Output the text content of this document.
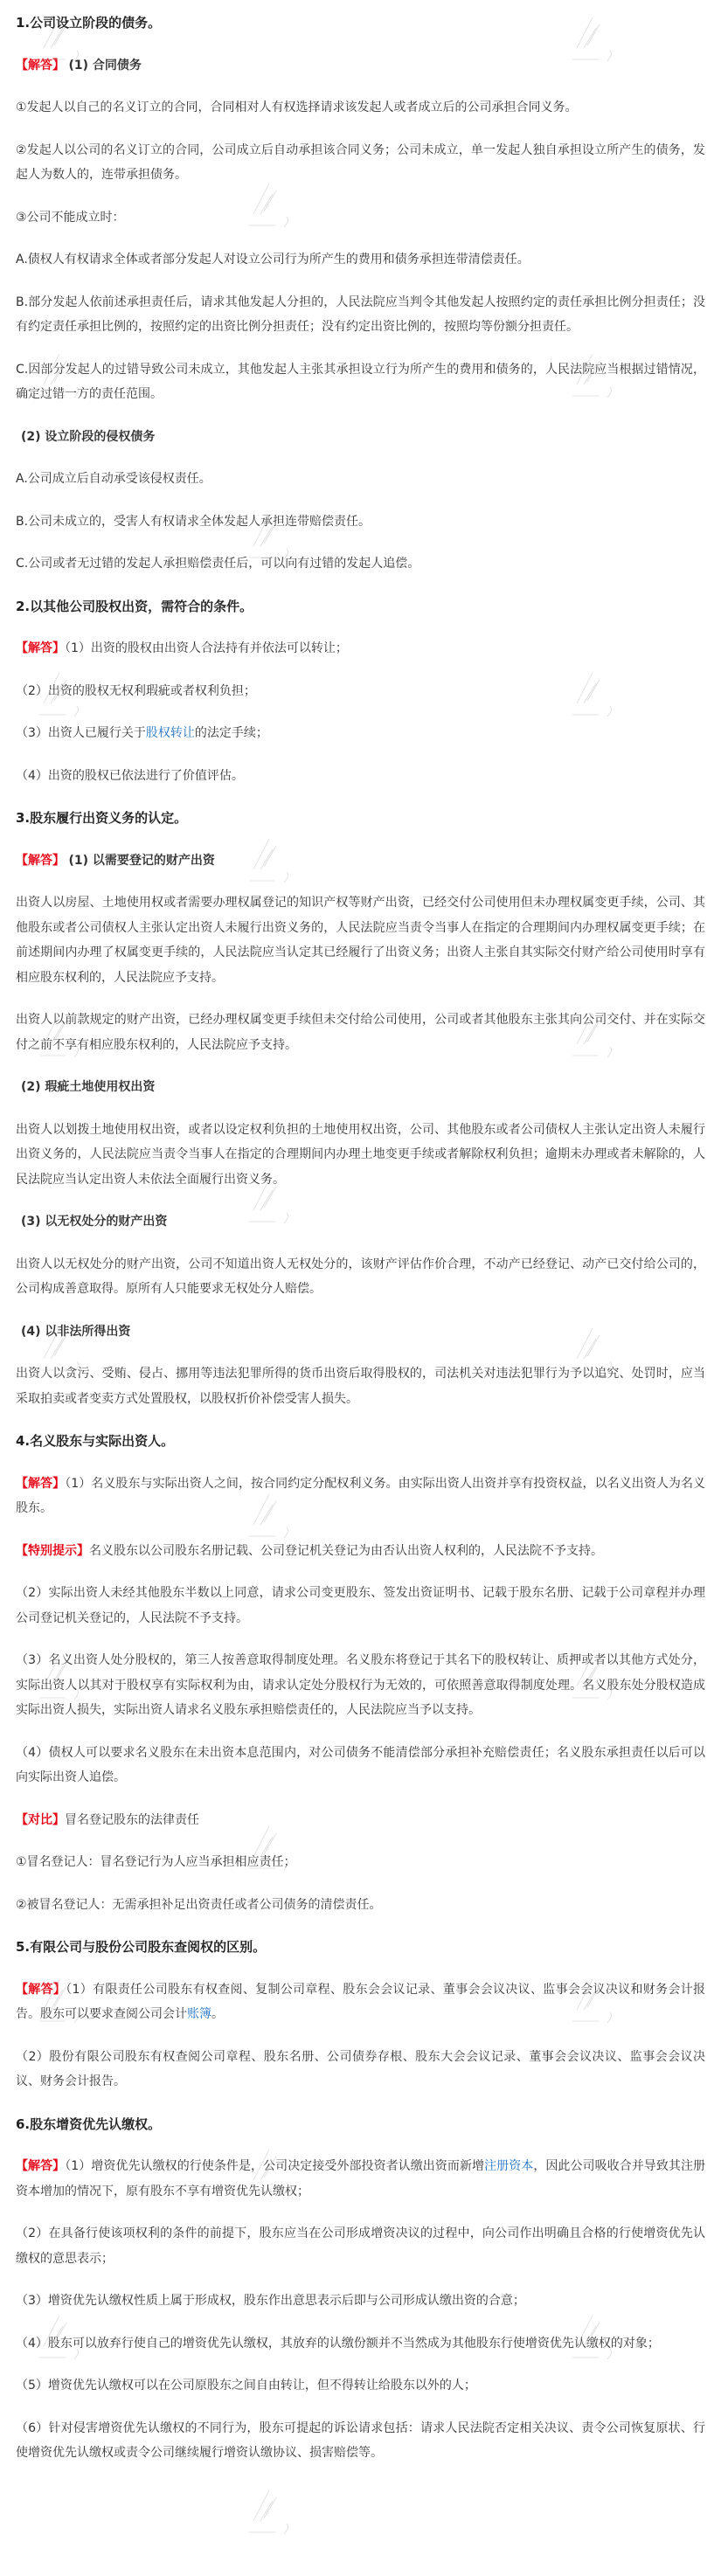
1.公司设立阶段的债务。
【解答】 (1) 合同债务
①发起人以自己的名义订立的合同，合同相对人有权选择请求该发起人或者成立后的公司承担合同义务。
②发起人以公司的名义订立的合同，公司成立后自动承担该合同义务；公司未成立，单一发起人独自承担设立所产生的债务，发起人为数人的，连带承担债务。
③公司不能成立时：
A.债权人有权请求全体或者部分发起人对设立公司行为所产生的费用和债务承担连带清偿责任。
B.部分发起人依前述承担责任后，请求其他发起人分担的，人民法院应当判令其他发起人按照约定的责任承担比例分担责任；没有约定责任承担比例的，按照约定的出资比例分担责任；没有约定出资比例的，按照均等份额分担责任。
C.因部分发起人的过错导致公司未成立，其他发起人主张其承担设立行为所产生的费用和债务的，人民法院应当根据过错情况，确定过错一方的责任范围。
(2) 设立阶段的侵权债务
A.公司成立后自动承受该侵权责任。
B.公司未成立的，受害人有权请求全体发起人承担连带赔偿责任。
C.公司或者无过错的发起人承担赔偿责任后，可以向有过错的发起人追偿。
2.以其他公司股权出资，需符合的条件。
【解答】（1）出资的股权由出资人合法持有并依法可以转让；
（2）出资的股权无权利瑕疵或者权利负担；
（3）出资人已履行关于股权转让的法定手续；
（4）出资的股权已依法进行了价值评估。
3.股东履行出资义务的认定。
【解答】 (1) 以需要登记的财产出资
出资人以房屋、土地使用权或者需要办理权属登记的知识产权等财产出资，已经交付公司使用但未办理权属变更手续，公司、其他股东或者公司债权人主张认定出资人未履行出资义务的，人民法院应当责令当事人在指定的合理期间内办理权属变更手续；在前述期间内办理了权属变更手续的，人民法院应当认定其已经履行了出资义务；出资人主张自其实际交付财产给公司使用时享有相应股东权利的，人民法院应予支持。
出资人以前款规定的财产出资，已经办理权属变更手续但未交付给公司使用，公司或者其他股东主张其向公司交付、并在实际交付之前不享有相应股东权利的，人民法院应予支持。
(2) 瑕疵土地使用权出资
出资人以划拨土地使用权出资，或者以设定权利负担的土地使用权出资，公司、其他股东或者公司债权人主张认定出资人未履行出资义务的，人民法院应当责令当事人在指定的合理期间内办理土地变更手续或者解除权利负担；逾期未办理或者未解除的，人民法院应当认定出资人未依法全面履行出资义务。
(3) 以无权处分的财产出资
出资人以无权处分的财产出资，公司不知道出资人无权处分的，该财产评估作价合理，不动产已经登记、动产已交付给公司的，公司构成善意取得。原所有人只能要求无权处分人赔偿。
(4) 以非法所得出资
出资人以贪污、受贿、侵占、挪用等违法犯罪所得的货币出资后取得股权的，司法机关对违法犯罪行为予以追究、处罚时，应当采取拍卖或者变卖方式处置股权，以股权折价补偿受害人损失。
4.名义股东与实际出资人。
【解答】（1）名义股东与实际出资人之间，按合同约定分配权利义务。由实际出资人出资并享有投资权益，以名义出资人为名义股东。
【特别提示】名义股东以公司股东名册记载、公司登记机关登记为由否认出资人权利的，人民法院不予支持。
（2）实际出资人未经其他股东半数以上同意，请求公司变更股东、签发出资证明书、记载于股东名册、记载于公司章程并办理公司登记机关登记的，人民法院不予支持。
（3）名义出资人处分股权的，第三人按善意取得制度处理。名义股东将登记于其名下的股权转让、质押或者以其他方式处分，实际出资人以其对于股权享有实际权利为由，请求认定处分股权行为无效的，可依照善意取得制度处理。名义股东处分股权造成实际出资人损失，实际出资人请求名义股东承担赔偿责任的，人民法院应当予以支持。
（4）债权人可以要求名义股东在未出资本息范围内，对公司债务不能清偿部分承担补充赔偿责任；名义股东承担责任以后可以向实际出资人追偿。
【对比】冒名登记股东的法律责任
①冒名登记人：冒名登记行为人应当承担相应责任；
②被冒名登记人：无需承担补足出资责任或者公司债务的清偿责任。
5.有限公司与股份公司股东查阅权的区别。
【解答】（1）有限责任公司股东有权查阅、复制公司章程、股东会会议记录、董事会会议决议、监事会会议决议和财务会计报告。股东可以要求查阅公司会计账簿。
（2）股份有限公司股东有权查阅公司章程、股东名册、公司债券存根、股东大会会议记录、董事会会议决议、监事会会议决议、财务会计报告。
6.股东增资优先认缴权。
【解答】（1）增资优先认缴权的行使条件是，公司决定接受外部投资者认缴出资而新增注册资本，因此公司吸收合并导致其注册资本增加的情况下，原有股东不享有增资优先认缴权；
（2）在具备行使该项权利的条件的前提下，股东应当在公司形成增资决议的过程中，向公司作出明确且合格的行使增资优先认缴权的意思表示；
（3）增资优先认缴权性质上属于形成权，股东作出意思表示后即与公司形成认缴出资的合意；
（4）股东可以放弃行使自己的增资优先认缴权，其放弃的认缴份额并不当然成为其他股东行使增资优先认缴权的对象；
（5）增资优先认缴权可以在公司原股东之间自由转让，但不得转让给股东以外的人；
（6）针对侵害增资优先认缴权的不同行为，股东可提起的诉讼请求包括：请求人民法院否定相关决议、责令公司恢复原状、行使增资优先认缴权或责令公司继续履行增资认缴协议、损害赔偿等。
